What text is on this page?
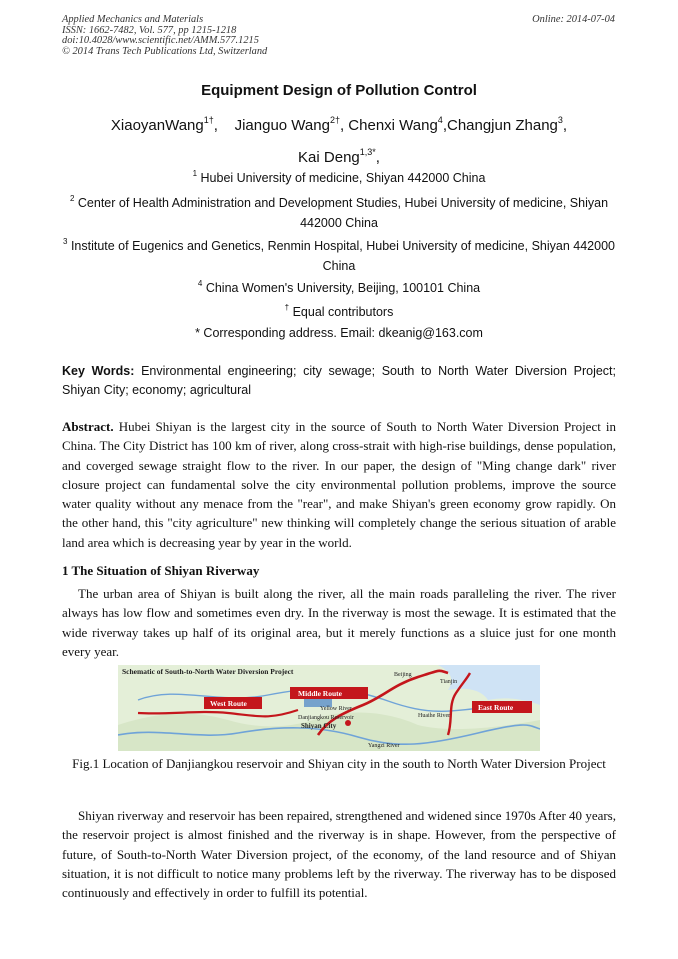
Applied Mechanics and Materials
ISSN: 1662-7482, Vol. 577, pp 1215-1218
doi:10.4028/www.scientific.net/AMM.577.1215
© 2014 Trans Tech Publications Ltd, Switzerland
Online: 2014-07-04
Equipment Design of Pollution Control
XiaoyanWang$^{1\dagger}$,    Jianguo Wang$^{2\dagger}$, Chenxi Wang$^4$,Changjun Zhang$^3$,
Kai Deng$^{1,3*}$,
$^1$ Hubei University of medicine, Shiyan 442000 China
$^2$ Center of Health Administration and Development Studies, Hubei University of medicine, Shiyan 442000 China
$^3$ Institute of Eugenics and Genetics, Renmin Hospital, Hubei University of medicine, Shiyan 442000 China
$^4$ China Women's University, Beijing, 100101 China
† Equal contributors
* Corresponding address. Email: dkeanig@163.com
Key Words: Environmental engineering; city sewage; South to North Water Diversion Project; Shiyan City; economy; agricultural
Abstract. Hubei Shiyan is the largest city in the source of South to North Water Diversion Project in China. The City District has 100 km of river, along cross-strait with high-rise buildings, dense population, and coverged sewage straight flow to the river. In our paper, the design of "Ming change dark" river closure project can fundamental solve the city environmental pollution problems, improve the source water quality without any menace from the "rear", and make Shiyan's green economy grow rapidly. On the other hand, this "city agriculture" new thinking will completely change the serious situation of arable land area which is decreasing year by year in the world.
1 The Situation of Shiyan Riverway
The urban area of Shiyan is built along the river, all the main roads paralleling the river. The river always has low flow and sometimes even dry. In the riverway is most the sewage. It is estimated that the wide riverway takes up half of its original area, but it merely functions as a sluice just for one month every year.
Schematic of South-to-North Water Diversion Project
West Route
Middle Route
East Route
Yellow River
Danjiangkou Reservoir
Shiyan City
Huaihe River
Yangzi River
Beijing
Tianjin
Fig.1 Location of Danjiangkou reservoir and Shiyan city in the south to North Water Diversion Project
Shiyan riverway and reservoir has been repaired, strengthened and widened since 1970s After 40 years, the reservoir project is almost finished and the riverway is in shape. However, from the perspective of future, of South-to-North Water Diversion project, of the economy, of the land resource and of Shiyan situation, it is not difficult to notice many problems left by the riverway. The riverway has to be disposed continuously and effectively in order to fulfill its potential.
